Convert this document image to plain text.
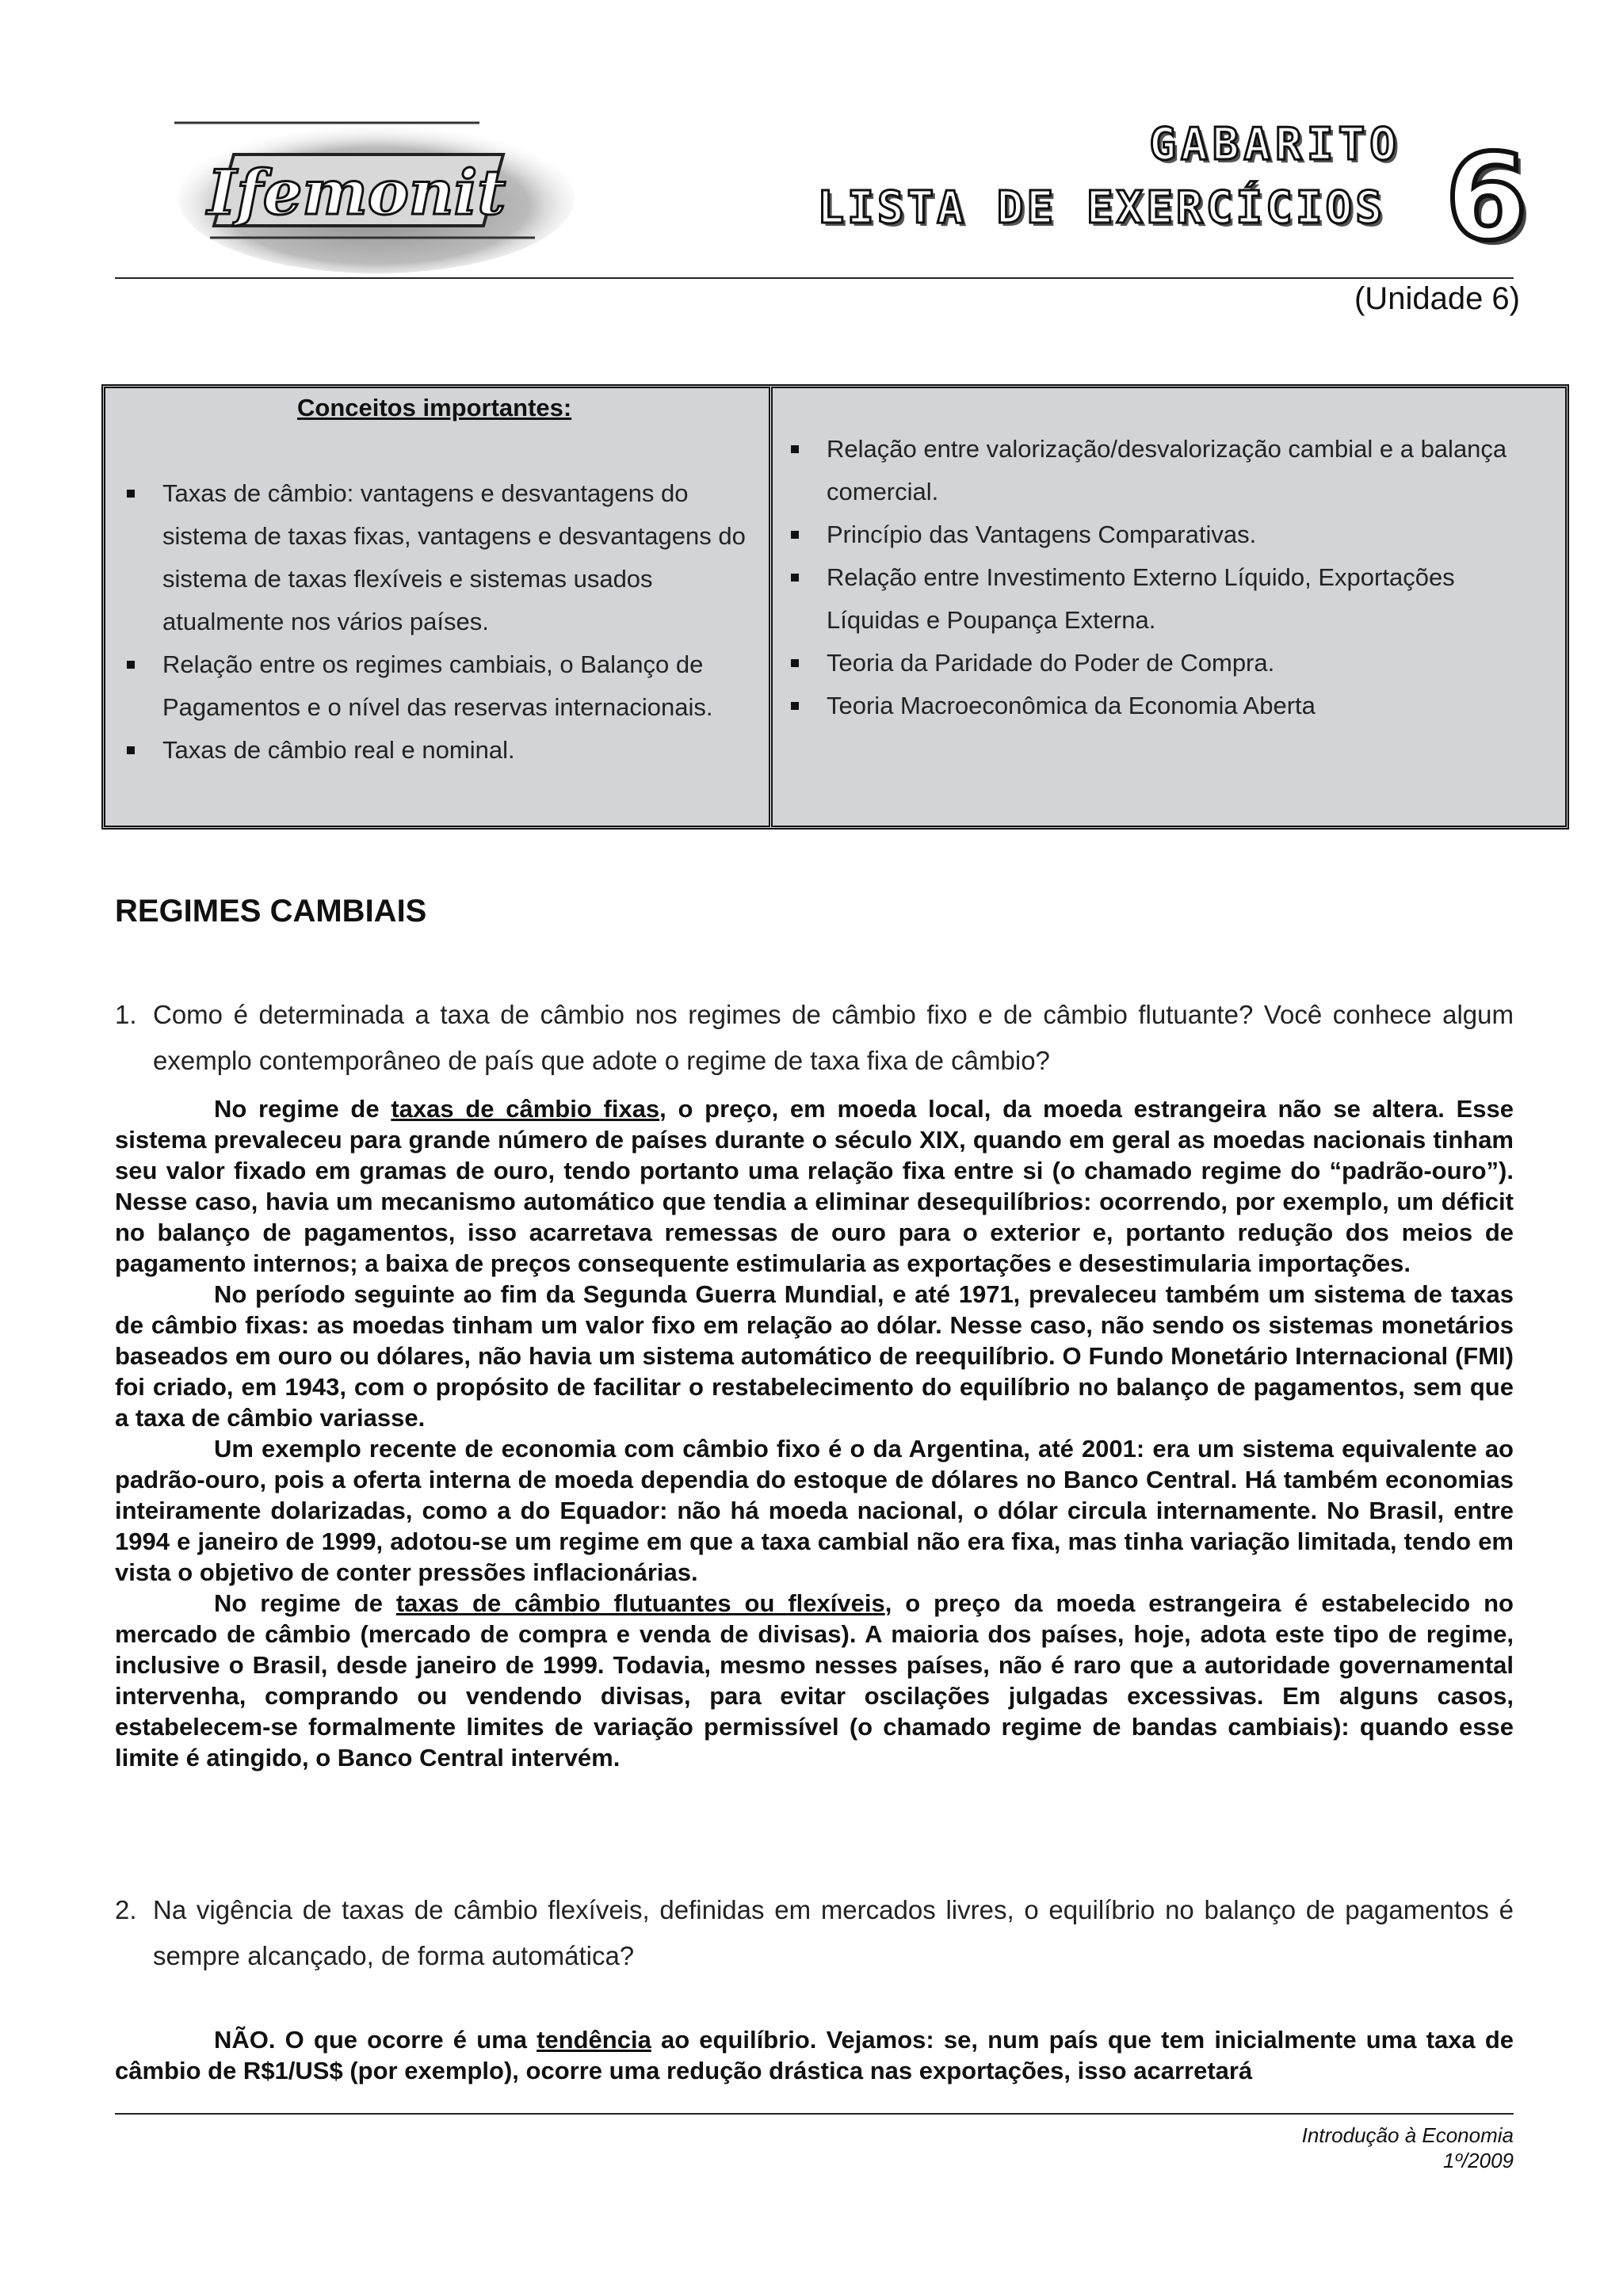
Ifemonit
GABARITO
LISTA DE EXERCÍCIOS 6
(Unidade 6)
Conceitos importantes:
Taxas de câmbio: vantagens e desvantagens do sistema de taxas fixas, vantagens e desvantagens do sistema de taxas flexíveis e sistemas usados atualmente nos vários países.
Relação entre os regimes cambiais, o Balanço de Pagamentos e o nível das reservas internacionais.
Taxas de câmbio real e nominal.
Relação entre valorização/desvalorização cambial e a balança comercial.
Princípio das Vantagens Comparativas.
Relação entre Investimento Externo Líquido, Exportações Líquidas e Poupança Externa.
Teoria da Paridade do Poder de Compra.
Teoria Macroeconômica da Economia Aberta
REGIMES CAMBIAIS
1. Como é determinada a taxa de câmbio nos regimes de câmbio fixo e de câmbio flutuante? Você conhece algum exemplo contemporâneo de país que adote o regime de taxa fixa de câmbio?

No regime de taxas de câmbio fixas, o preço, em moeda local, da moeda estrangeira não se altera. Esse sistema prevaleceu para grande número de países durante o século XIX, quando em geral as moedas nacionais tinham seu valor fixado em gramas de ouro, tendo portanto uma relação fixa entre si (o chamado regime do “padrão-ouro”). Nesse caso, havia um mecanismo automático que tendia a eliminar desequilíbrios: ocorrendo, por exemplo, um déficit no balanço de pagamentos, isso acarretava remessas de ouro para o exterior e, portanto redução dos meios de pagamento internos; a baixa de preços consequente estimularia as exportações e desestimularia importações.

No período seguinte ao fim da Segunda Guerra Mundial, e até 1971, prevaleceu também um sistema de taxas de câmbio fixas: as moedas tinham um valor fixo em relação ao dólar. Nesse caso, não sendo os sistemas monetários baseados em ouro ou dólares, não havia um sistema automático de reequilíbrio. O Fundo Monetário Internacional (FMI) foi criado, em 1943, com o propósito de facilitar o restabelecimento do equilíbrio no balanço de pagamentos, sem que a taxa de câmbio variasse.

Um exemplo recente de economia com câmbio fixo é o da Argentina, até 2001: era um sistema equivalente ao padrão-ouro, pois a oferta interna de moeda dependia do estoque de dólares no Banco Central. Há também economias inteiramente dolarizadas, como a do Equador: não há moeda nacional, o dólar circula internamente. No Brasil, entre 1994 e janeiro de 1999, adotou-se um regime em que a taxa cambial não era fixa, mas tinha variação limitada, tendo em vista o objetivo de conter pressões inflacionárias.

No regime de taxas de câmbio flutuantes ou flexíveis, o preço da moeda estrangeira é estabelecido no mercado de câmbio (mercado de compra e venda de divisas). A maioria dos países, hoje, adota este tipo de regime, inclusive o Brasil, desde janeiro de 1999. Todavia, mesmo nesses países, não é raro que a autoridade governamental intervenha, comprando ou vendendo divisas, para evitar oscilações julgadas excessivas. Em alguns casos, estabelecem-se formalmente limites de variação permissível (o chamado regime de bandas cambiais): quando esse limite é atingido, o Banco Central intervém.

2. Na vigência de taxas de câmbio flexíveis, definidas em mercados livres, o equilíbrio no balanço de pagamentos é sempre alcançado, de forma automática?

NÃO. O que ocorre é uma tendência ao equilíbrio. Vejamos: se, num país que tem inicialmente uma taxa de câmbio de R$1/US$ (por exemplo), ocorre uma redução drástica nas exportações, isso acarretará

Introdução à Economia
1º/2009
